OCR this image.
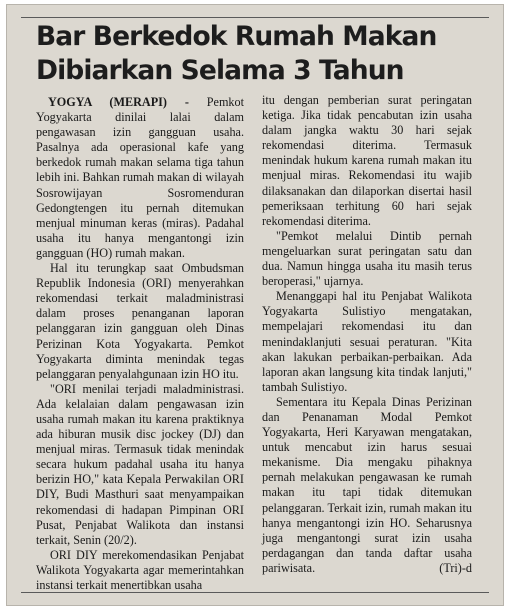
Bar Berkedok Rumah Makan
Dibiarkan Selama 3 Tahun

YOGYA (MERAPI) - Pemkot Yogyakarta dinilai lalai dalam pengawasan izin gangguan usaha. Pasalnya ada operasional kafe yang berkedok rumah makan selama tiga tahun lebih ini. Bahkan rumah makan di wilayah Sosrowijayan Sosromenduran Gedongtengen itu pernah ditemukan menjual minuman keras (miras). Padahal usaha itu hanya mengantongi izin gangguan (HO) rumah makan.

Hal itu terungkap saat Ombudsman Republik Indonesia (ORI) menyerahkan rekomendasi terkait maladministrasi dalam proses penanganan laporan pelanggaran izin gangguan oleh Dinas Perizinan Kota Yogyakarta. Pemkot Yogyakarta diminta menindak tegas pelanggaran penyalahgunaan izin HO itu.

"ORI menilai terjadi maladministrasi. Ada kelalaian dalam pengawasan izin usaha rumah makan itu karena praktiknya ada hiburan musik disc jockey (DJ) dan menjual miras. Termasuk tidak menindak secara hukum padahal usaha itu hanya berizin HO," kata Kepala Perwakilan ORI DIY, Budi Masthuri saat menyampaikan rekomendasi di hadapan Pimpinan ORI Pusat, Penjabat Walikota dan instansi terkait, Senin (20/2).

ORI DIY merekomendasikan Penjabat Walikota Yogyakarta agar memerintahkan instansi terkait menertibkan usaha

itu dengan pemberian surat peringatan ketiga. Jika tidak pencabutan izin usaha dalam jangka waktu 30 hari sejak rekomendasi diterima. Termasuk menindak hukum karena rumah makan itu menjual miras. Rekomendasi itu wajib dilaksanakan dan dilaporkan disertai hasil pemeriksaan terhitung 60 hari sejak rekomendasi diterima.

"Pemkot melalui Dintib pernah mengeluarkan surat peringatan satu dan dua. Namun hingga usaha itu masih terus beroperasi," ujarnya.

Menanggapi hal itu Penjabat Walikota Yogyakarta Sulistiyo mengatakan, mempelajari rekomendasi itu dan menindaklanjuti sesuai peraturan. "Kita akan lakukan perbaikan-perbaikan. Ada laporan akan langsung kita tindak lanjuti," tambah Sulistiyo.

Sementara itu Kepala Dinas Perizinan dan Penanaman Modal Pemkot Yogyakarta, Heri Karyawan mengatakan, untuk mencabut izin harus sesuai mekanisme. Dia mengaku pihaknya pernah melakukan pengawasan ke rumah makan itu tapi tidak ditemukan pelanggaran. Terkait izin, rumah makan itu hanya mengantongi izin HO. Seharusnya juga mengantongi surat izin usaha perdagangan dan tanda daftar usaha pariwisata.	(Tri)-d
